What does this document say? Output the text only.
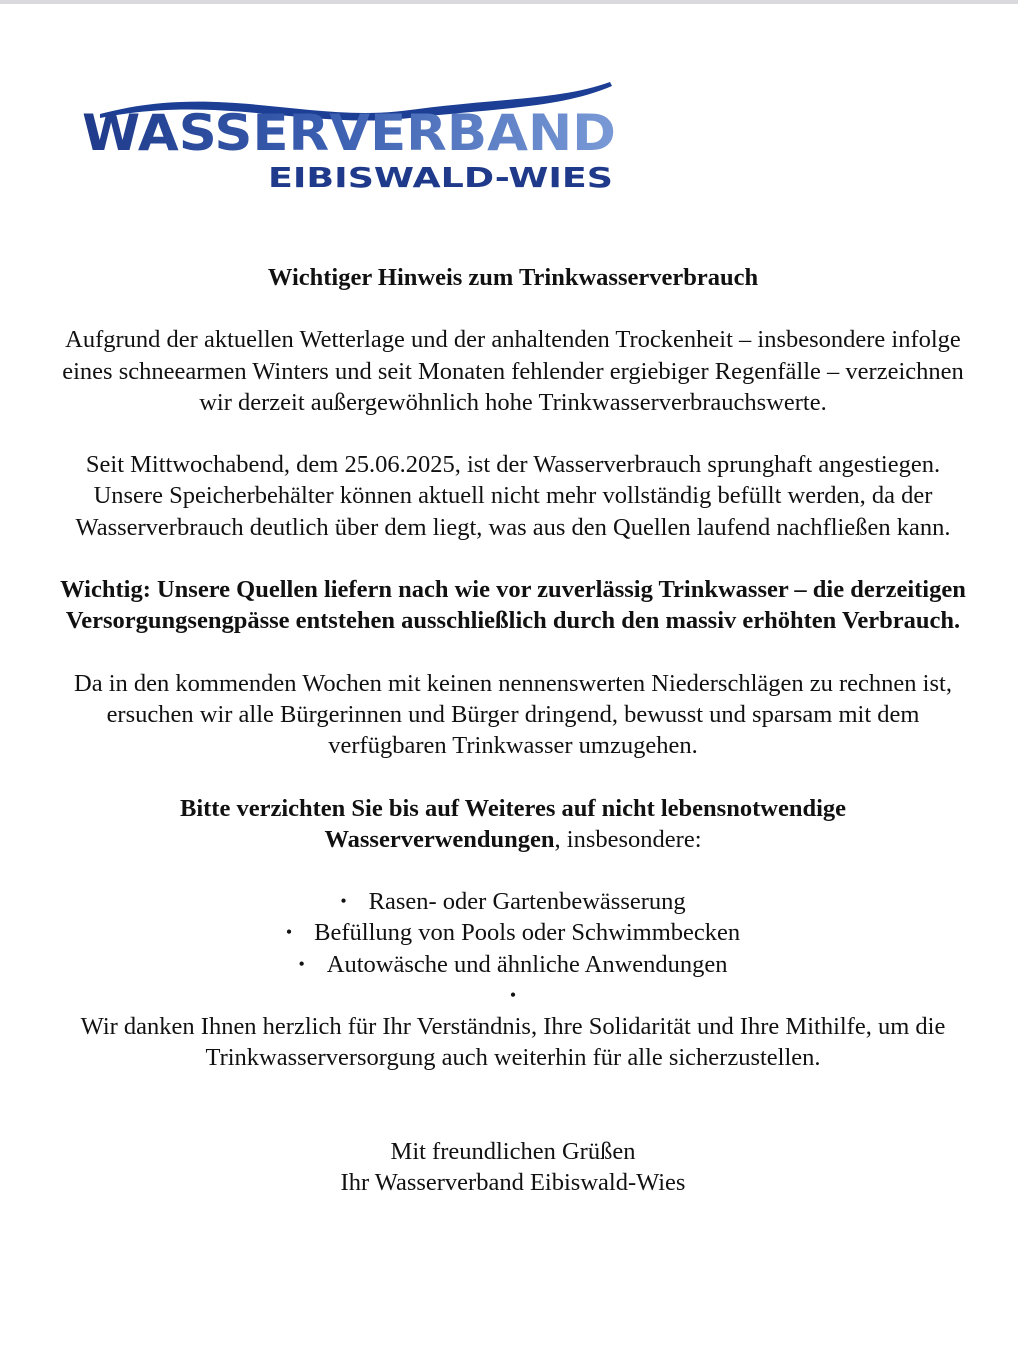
WASSERVERBAND
EIBISWALD-WIES

Wichtiger Hinweis zum Trinkwasserverbrauch

Aufgrund der aktuellen Wetterlage und der anhaltenden Trockenheit – insbesondere infolge eines schneearmen Winters und seit Monaten fehlender ergiebiger Regenfälle – verzeichnen wir derzeit außergewöhnlich hohe Trinkwasserverbrauchswerte.

Seit Mittwochabend, dem 25.06.2025, ist der Wasserverbrauch sprunghaft angestiegen. Unsere Speicherbehälter können aktuell nicht mehr vollständig befüllt werden, da der Wasserverbrauch deutlich über dem liegt, was aus den Quellen laufend nachfließen kann.

Wichtig: Unsere Quellen liefern nach wie vor zuverlässig Trinkwasser – die derzeitigen Versorgungsengpässe entstehen ausschließlich durch den massiv erhöhten Verbrauch.

Da in den kommenden Wochen mit keinen nennenswerten Niederschlägen zu rechnen ist, ersuchen wir alle Bürgerinnen und Bürger dringend, bewusst und sparsam mit dem verfügbaren Trinkwasser umzugehen.

Bitte verzichten Sie bis auf Weiteres auf nicht lebensnotwendige Wasserverwendungen, insbesondere:

• Rasen- oder Gartenbewässerung
• Befüllung von Pools oder Schwimmbecken
• Autowäsche und ähnliche Anwendungen
•

Wir danken Ihnen herzlich für Ihr Verständnis, Ihre Solidarität und Ihre Mithilfe, um die Trinkwasserversorgung auch weiterhin für alle sicherzustellen.

Mit freundlichen Grüßen

Ihr Wasserverband Eibiswald-Wies
